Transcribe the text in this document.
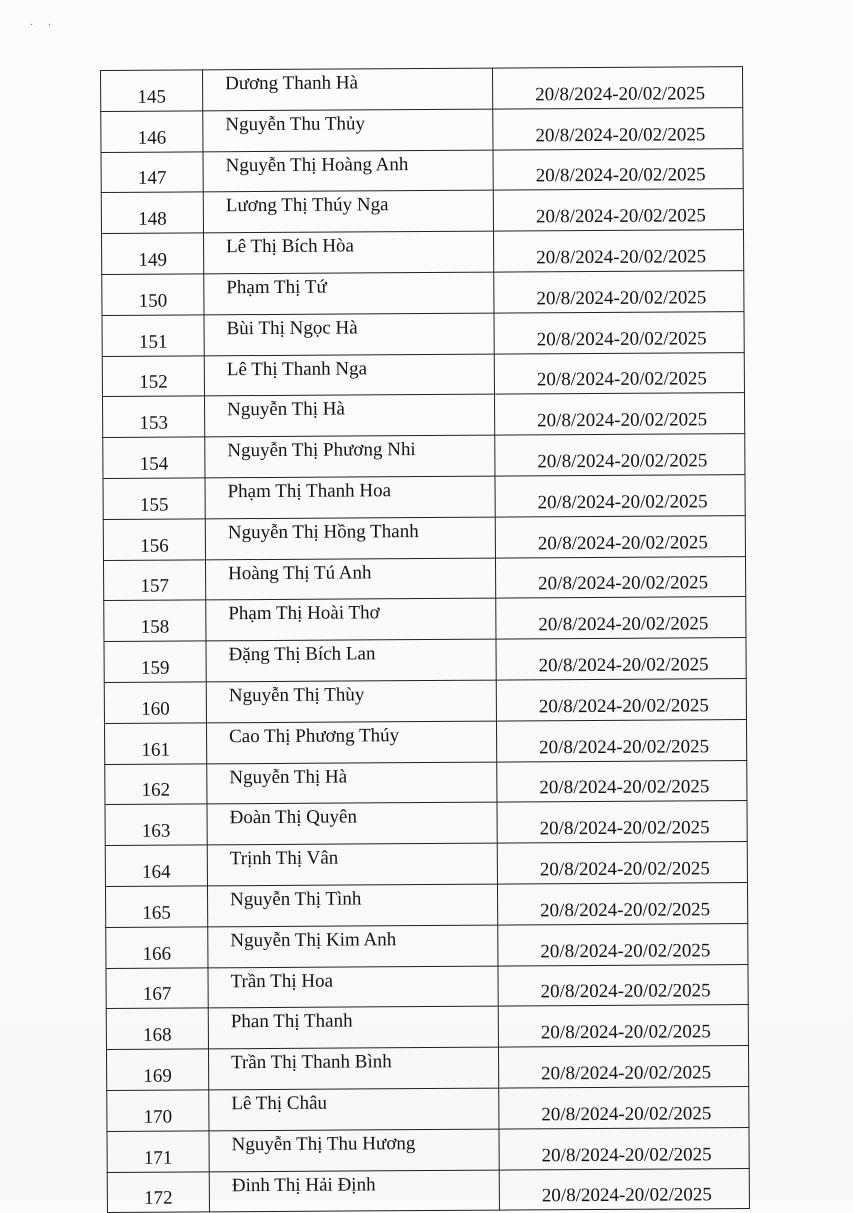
· ·
145	Dương Thanh Hà	20/8/2024-20/02/2025
146	Nguyễn Thu Thủy	20/8/2024-20/02/2025
147	Nguyễn Thị Hoàng Anh	20/8/2024-20/02/2025
148	Lương Thị Thúy Nga	20/8/2024-20/02/2025
149	Lê Thị Bích Hòa	20/8/2024-20/02/2025
150	Phạm Thị Tứ	20/8/2024-20/02/2025
151	Bùi Thị Ngọc Hà	20/8/2024-20/02/2025
152	Lê Thị Thanh Nga	20/8/2024-20/02/2025
153	Nguyễn Thị Hà	20/8/2024-20/02/2025
154	Nguyễn Thị Phương Nhi	20/8/2024-20/02/2025
155	Phạm Thị Thanh Hoa	20/8/2024-20/02/2025
156	Nguyễn Thị Hồng Thanh	20/8/2024-20/02/2025
157	Hoàng Thị Tú Anh	20/8/2024-20/02/2025
158	Phạm Thị Hoài Thơ	20/8/2024-20/02/2025
159	Đặng Thị Bích Lan	20/8/2024-20/02/2025
160	Nguyễn Thị Thùy	20/8/2024-20/02/2025
161	Cao Thị Phương Thúy	20/8/2024-20/02/2025
162	Nguyễn Thị Hà	20/8/2024-20/02/2025
163	Đoàn Thị Quyên	20/8/2024-20/02/2025
164	Trịnh Thị Vân	20/8/2024-20/02/2025
165	Nguyễn Thị Tình	20/8/2024-20/02/2025
166	Nguyễn Thị Kim Anh	20/8/2024-20/02/2025
167	Trần Thị Hoa	20/8/2024-20/02/2025
168	Phan Thị Thanh	20/8/2024-20/02/2025
169	Trần Thị Thanh Bình	20/8/2024-20/02/2025
170	Lê Thị Châu	20/8/2024-20/02/2025
171	Nguyễn Thị Thu Hương	20/8/2024-20/02/2025
172	Đinh Thị Hải Định	20/8/2024-20/02/2025
